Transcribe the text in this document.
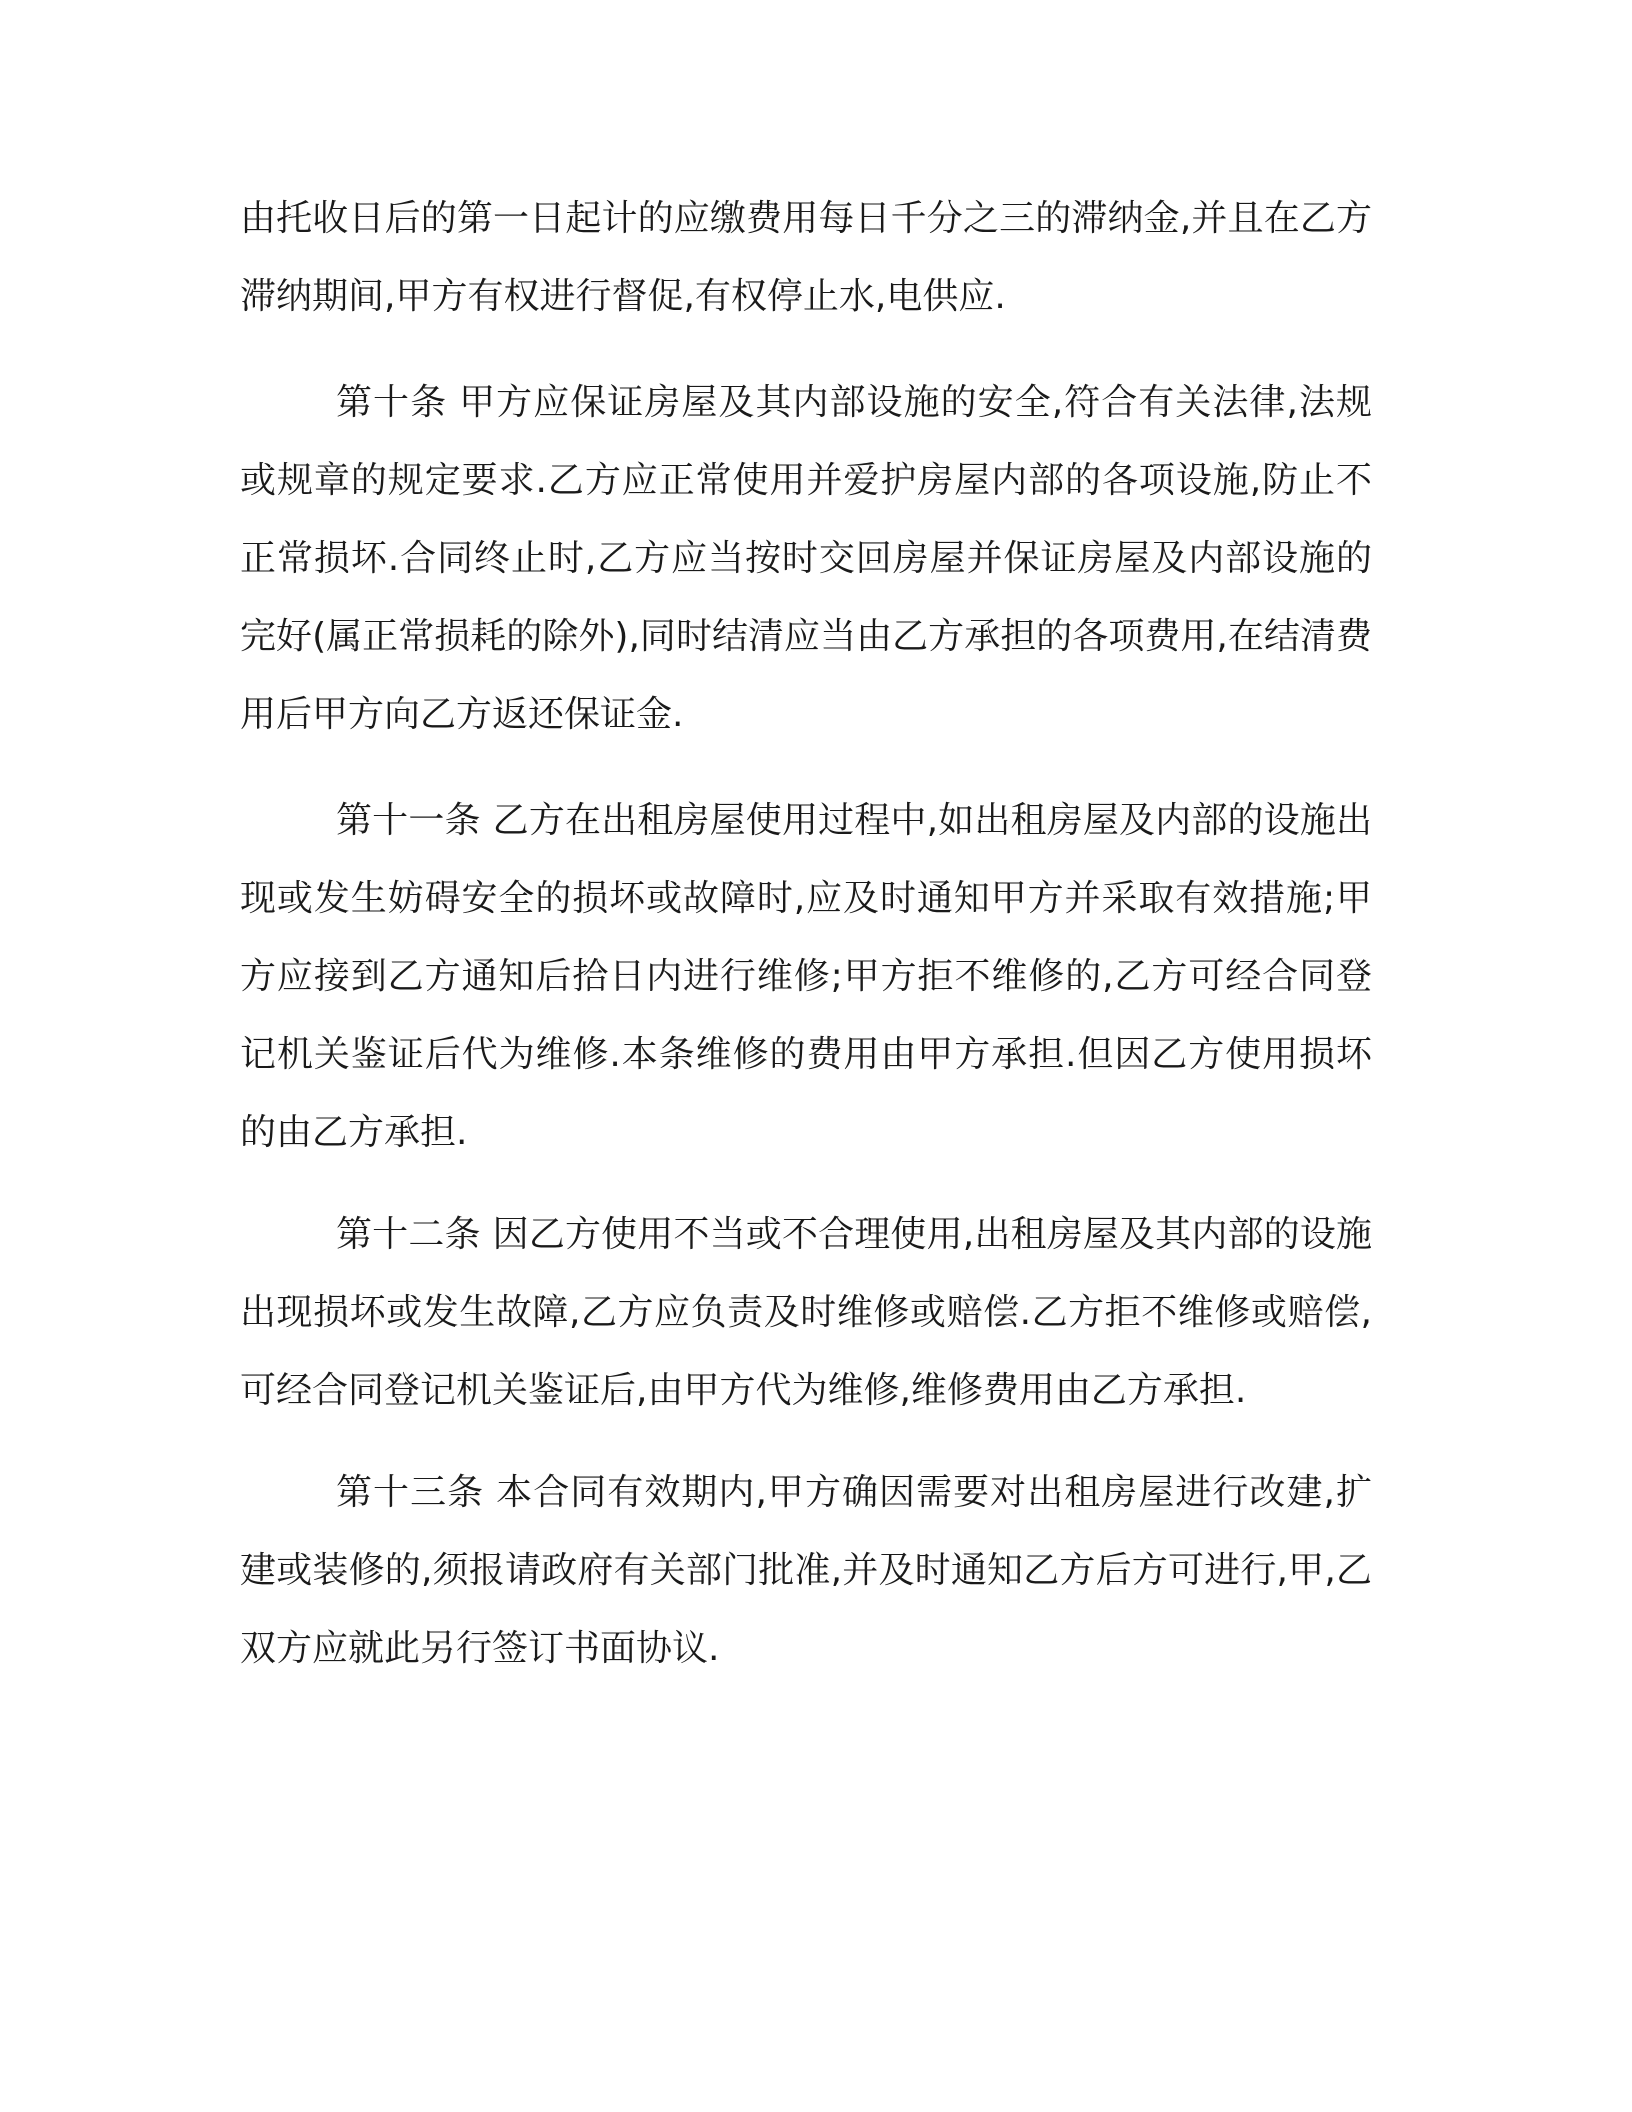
由托收日后的第一日起计的应缴费用每日千分之三的滞纳金,并且在乙方滞纳期间,甲方有权进行督促,有权停止水,电供应.

第十条 甲方应保证房屋及其内部设施的安全,符合有关法律,法规或规章的规定要求.乙方应正常使用并爱护房屋内部的各项设施,防止不正常损坏.合同终止时,乙方应当按时交回房屋并保证房屋及内部设施的完好(属正常损耗的除外),同时结清应当由乙方承担的各项费用,在结清费用后甲方向乙方返还保证金.

第十一条 乙方在出租房屋使用过程中,如出租房屋及内部的设施出现或发生妨碍安全的损坏或故障时,应及时通知甲方并采取有效措施;甲方应接到乙方通知后拾日内进行维修;甲方拒不维修的,乙方可经合同登记机关鉴证后代为维修.本条维修的费用由甲方承担.但因乙方使用损坏的由乙方承担.

第十二条 因乙方使用不当或不合理使用,出租房屋及其内部的设施出现损坏或发生故障,乙方应负责及时维修或赔偿.乙方拒不维修或赔偿,可经合同登记机关鉴证后,由甲方代为维修,维修费用由乙方承担.

第十三条 本合同有效期内,甲方确因需要对出租房屋进行改建,扩建或装修的,须报请政府有关部门批准,并及时通知乙方后方可进行,甲,乙双方应就此另行签订书面协议.
